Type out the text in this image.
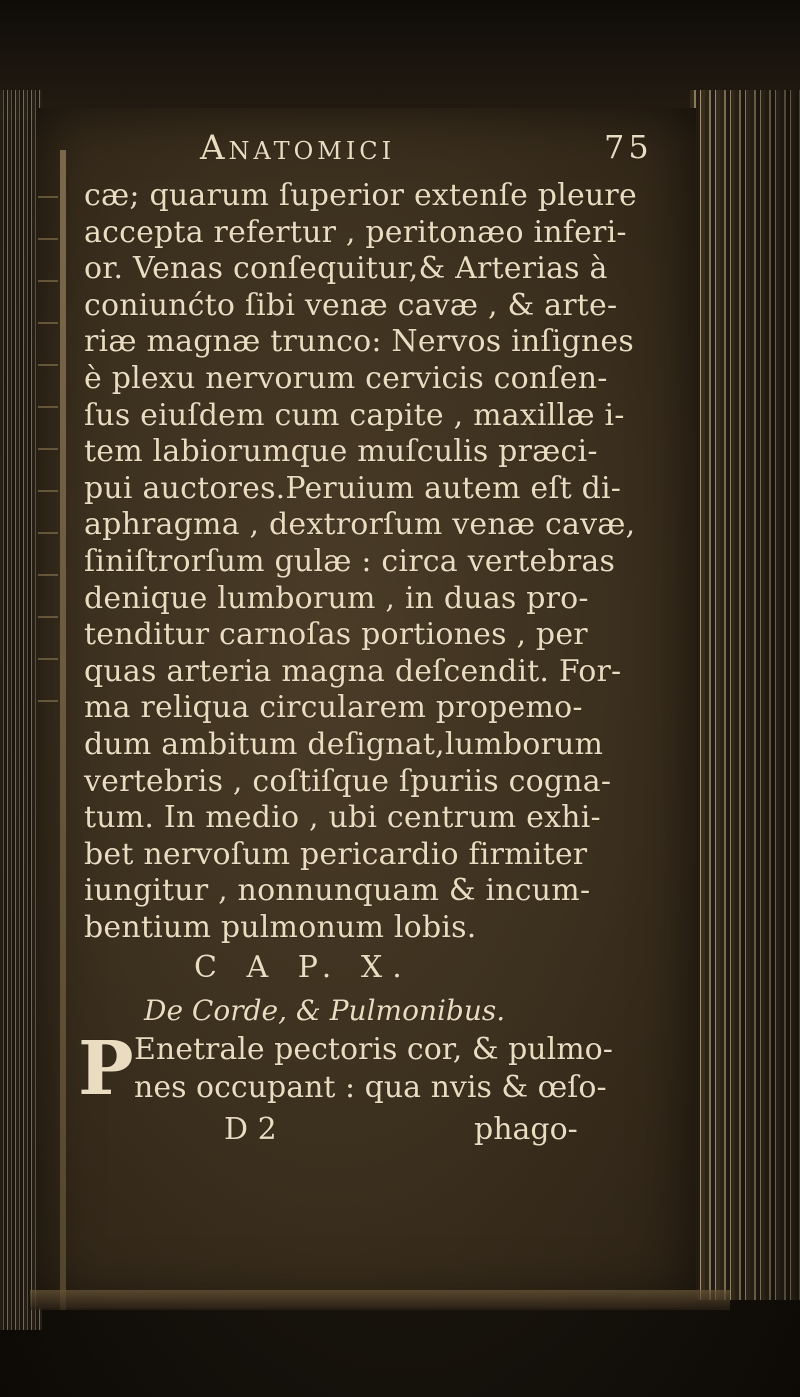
Anatomici	75
cæ; quarum ſuperior extenſe pleure
accepta refertur , peritonæo inferi-
or. Venas conſequitur,& Arterias à
coniunćto ſibi venæ cavæ , & arte-
riæ magnæ trunco: Nervos inſignes
è plexu nervorum cervicis conſen-
ſus eiuſdem cum capite , maxillæ i-
tem labiorumque muſculis præci-
pui auctores.Peruium autem eſt di-
aphragma , dextrorſum venæ cavæ,
ſiniſtrorſum gulæ : circa vertebras
denique lumborum , in duas pro-
tenditur carnoſas portiones , per
quas arteria magna deſcendit. For-
ma reliqua circularem propemo-
dum ambitum deſignat,lumborum
vertebris , coſtiſque ſpuriis cogna-
tum. In medio , ubi centrum exhi-
bet nervoſum pericardio firmiter
iungitur , nonnunquam & incum-
bentium pulmonum lobis.
C A P. X.
De Corde, & Pulmonibus.
P Enetrale pectoris cor, & pulmo-
nes occupant : qua nvis & œſo-
D 2	phago-
